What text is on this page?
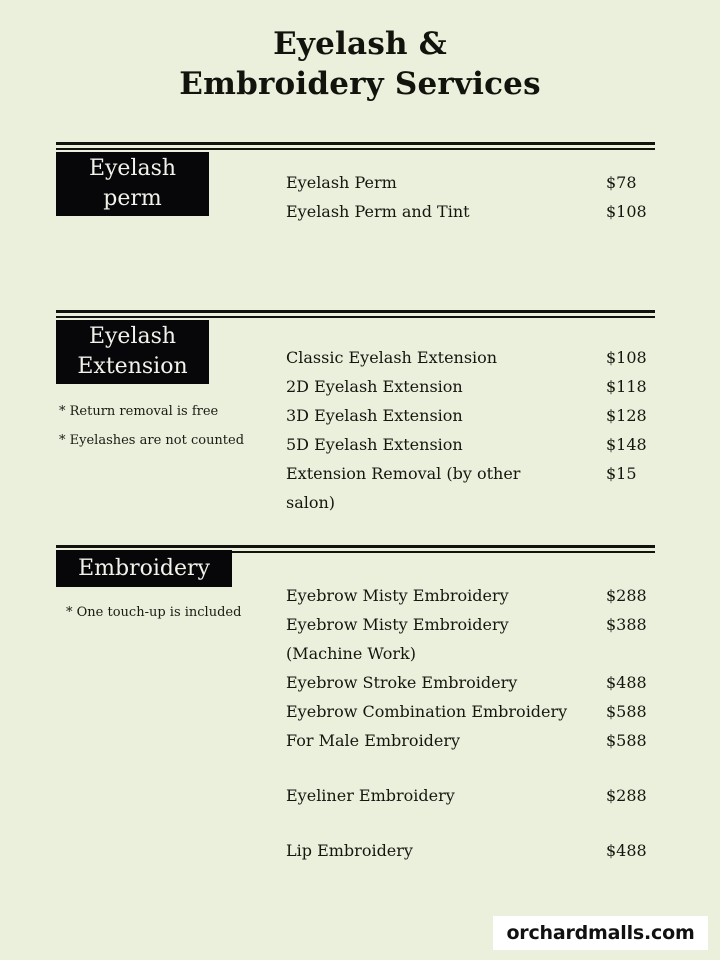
Eyelash &
Embroidery Services
Eyelash
perm
Eyelash Perm	$78
Eyelash Perm and Tint	$108
Eyelash
Extension
* Return removal is free
* Eyelashes are not counted
Classic Eyelash Extension	$108
2D Eyelash Extension	$118
3D Eyelash Extension	$128
5D Eyelash Extension	$148
Extension Removal (by other	$15
salon)
Embroidery
* One touch-up is included
Eyebrow Misty Embroidery	$288
Eyebrow Misty Embroidery	$388
(Machine Work)
Eyebrow Stroke Embroidery	$488
Eyebrow Combination Embroidery $588
For Male Embroidery	$588
Eyeliner Embroidery	$288
Lip Embroidery	$488
orchardmalls.com
